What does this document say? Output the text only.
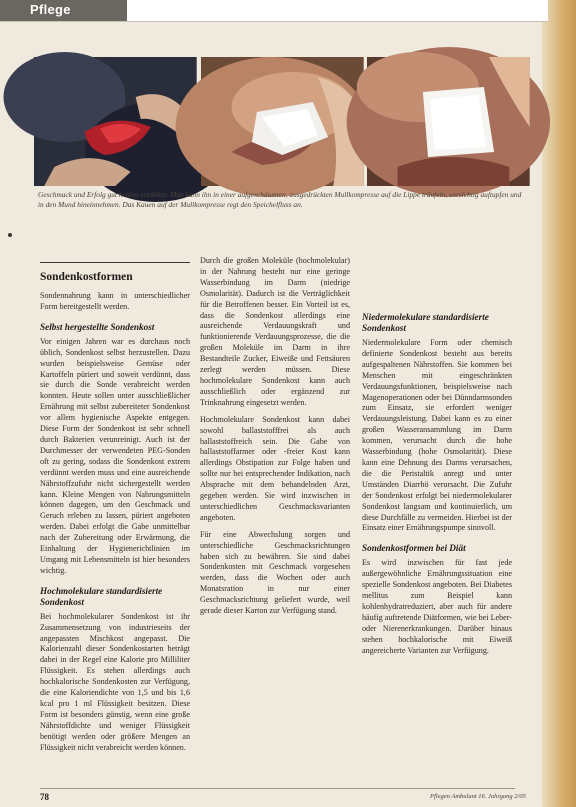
Pflege
Geschmack und Erfolg gut heißen erzählen: Man kann ihn in einer aufgeschäumten, ausgedrückten Mullkompresse auf die Lippe träufeln, vorsichtig auftupfen und in den Mund hineinnehmen. Das Kauen auf der Mullkompresse regt den Speichelfluss an.
Sondenkostformen

Sondennahrung kann in unterschiedlicher Form bereitgestellt werden.

Selbst hergestellte Sondenkost

Vor einigen Jahren war es durchaus noch üblich, Sondenkost selbst herzustellen. Dazu wurden beispielsweise Gemüse oder Kartoffeln püriert und soweit verdünnt, dass sie durch die Sonde verabreicht werden konnten. Heute sollen unter ausschließlicher Ernährung mit selbst zubereiteter Sondenkost vor allem hygienische Aspekte entgegen. Diese Form der Sondenkost ist sehr schnell durch Bakterien verunreinigt. Auch ist der Durchmesser der verwendeten PEG-Sonden oft zu gering, sodass die Sondenkost extrem verdünnt werden muss und eine ausreichende Nährstoffzufuhr nicht sichergestellt werden kann. Kleine Mengen von Nahrungsmitteln können dagegen, um den Geschmack und Geruch erleben zu lassen, püriert angeboten werden. Dabei erfolgt die Gabe unmittelbar nach der Zubereitung oder Erwärmung, die Einhaltung der Hygienerichtlinien im Umgang mit Lebensmitteln ist hier besonders wichtig.

Hochmolekulare standardisierte Sondenkost

Bei hochmolekularer Sondenkost ist ihr Zusammensetzung von industrieseits der angepassten Mischkost angepasst. Die Kalorienzahl dieser Sondenkostarten beträgt dabei in der Regel eine Kalorie pro Milliliter Flüssigkeit. Es stehen allerdings auch hochkalorische Sondenkosten zur Verfügung, die eine Kaloriendichte von 1,5 und bis 1,6 kcal pro 1 ml Flüssigkeit besitzen. Diese Form ist besonders günstig, wenn eine große Nährstoffdichte und weniger Flüssigkeit benötigt werden oder größere Mengen an Flüssigkeit nicht verabreicht werden können.

Durch die großen Moleküle (hochmolekular) in der Nahrung besteht nur eine geringe Wasserbindung im Darm (niedrige Osmolarität). Dadurch ist die Verträglichkeit für die Betroffenen besser. Ein Vorteil ist es, dass die Sondenkost allerdings eine ausreichende Verdauungskraft und funktionierende Verdauungsprozesse, die die großen Moleküle im Darm in ihre Bestandteile Zucker, Eiweiße und Fettsäuren zerlegt werden müssen. Diese hochmolekulare Sondenkost kann auch ausschließlich oder ergänzend zur Trinknahrung eingesetzt werden.

Hochmolekulare Sondenkost kann dabei sowohl ballaststofffrei als auch ballaststoffreich sein. Die Gabe von ballaststoffarmer oder -freier Kost kann allerdings Obstipation zur Folge haben und sollte nur bei entsprechender Indikation, nach Absprache mit dem behandelnden Arzt, gegeben werden. Sie wird inzwischen in unterschiedlichen Geschmacksvarianten angeboten.

Für eine Abwechslung sorgen und unterschiedliche Geschmacksrichtungen haben sich zu bewähren. Sie sind dabei Sondenkosten mit Geschmack vorgesehen werden, dass die Wochen oder auch Monatsration in nur einer Geschmacksrichtung geliefert wurde, weil gerade dieser Karton zur Verfügung stand.

Niedermolekulare standardisierte Sondenkost

Niedermolekulare Form oder chemisch definierte Sondenkost besteht aus bereits aufgespaltenen Nährstoffen. Sie kommen bei Menschen mit eingeschränkten Verdauungsfunktionen, beispielsweise nach Magenoperationen oder bei Dünndarmsonden zum Einsatz, sie erfordert weniger Verdauungsleistung. Dabei kann es zu einer großen Wasseransammlung im Darm kommen, verursacht durch die hohe Wasserbindung (hohe Osmolarität). Diese kann eine Dehnung des Darms verursachen, die die Peristaltik anregt und unter Umständen Diarrhö verursacht. Die Zufuhr der Sondenkost erfolgt bei niedermolekularer Sondenkost langsam und kontinuierlich, um diese Durchfälle zu vermeiden. Hierbei ist der Einsatz einer Ernährungspumpe sinnvoll.

Sondenkostformen bei Diät

Es wird inzwischen für fast jede außergewöhnliche Ernährungssituation eine spezielle Sondenkost angeboten. Bei Diabetes mellitus zum Beispiel kann kohlenhydratreduziert, aber auch für andere häufig auftretende Diätformen, wie bei Leber- oder Nierenerkrankungen. Darüber hinaus stehen hochkalorische mit Eiweiß angereicherte Varianten zur Verfügung.

78	Pflegen Ambulant 16. Jahrgang 2/05
